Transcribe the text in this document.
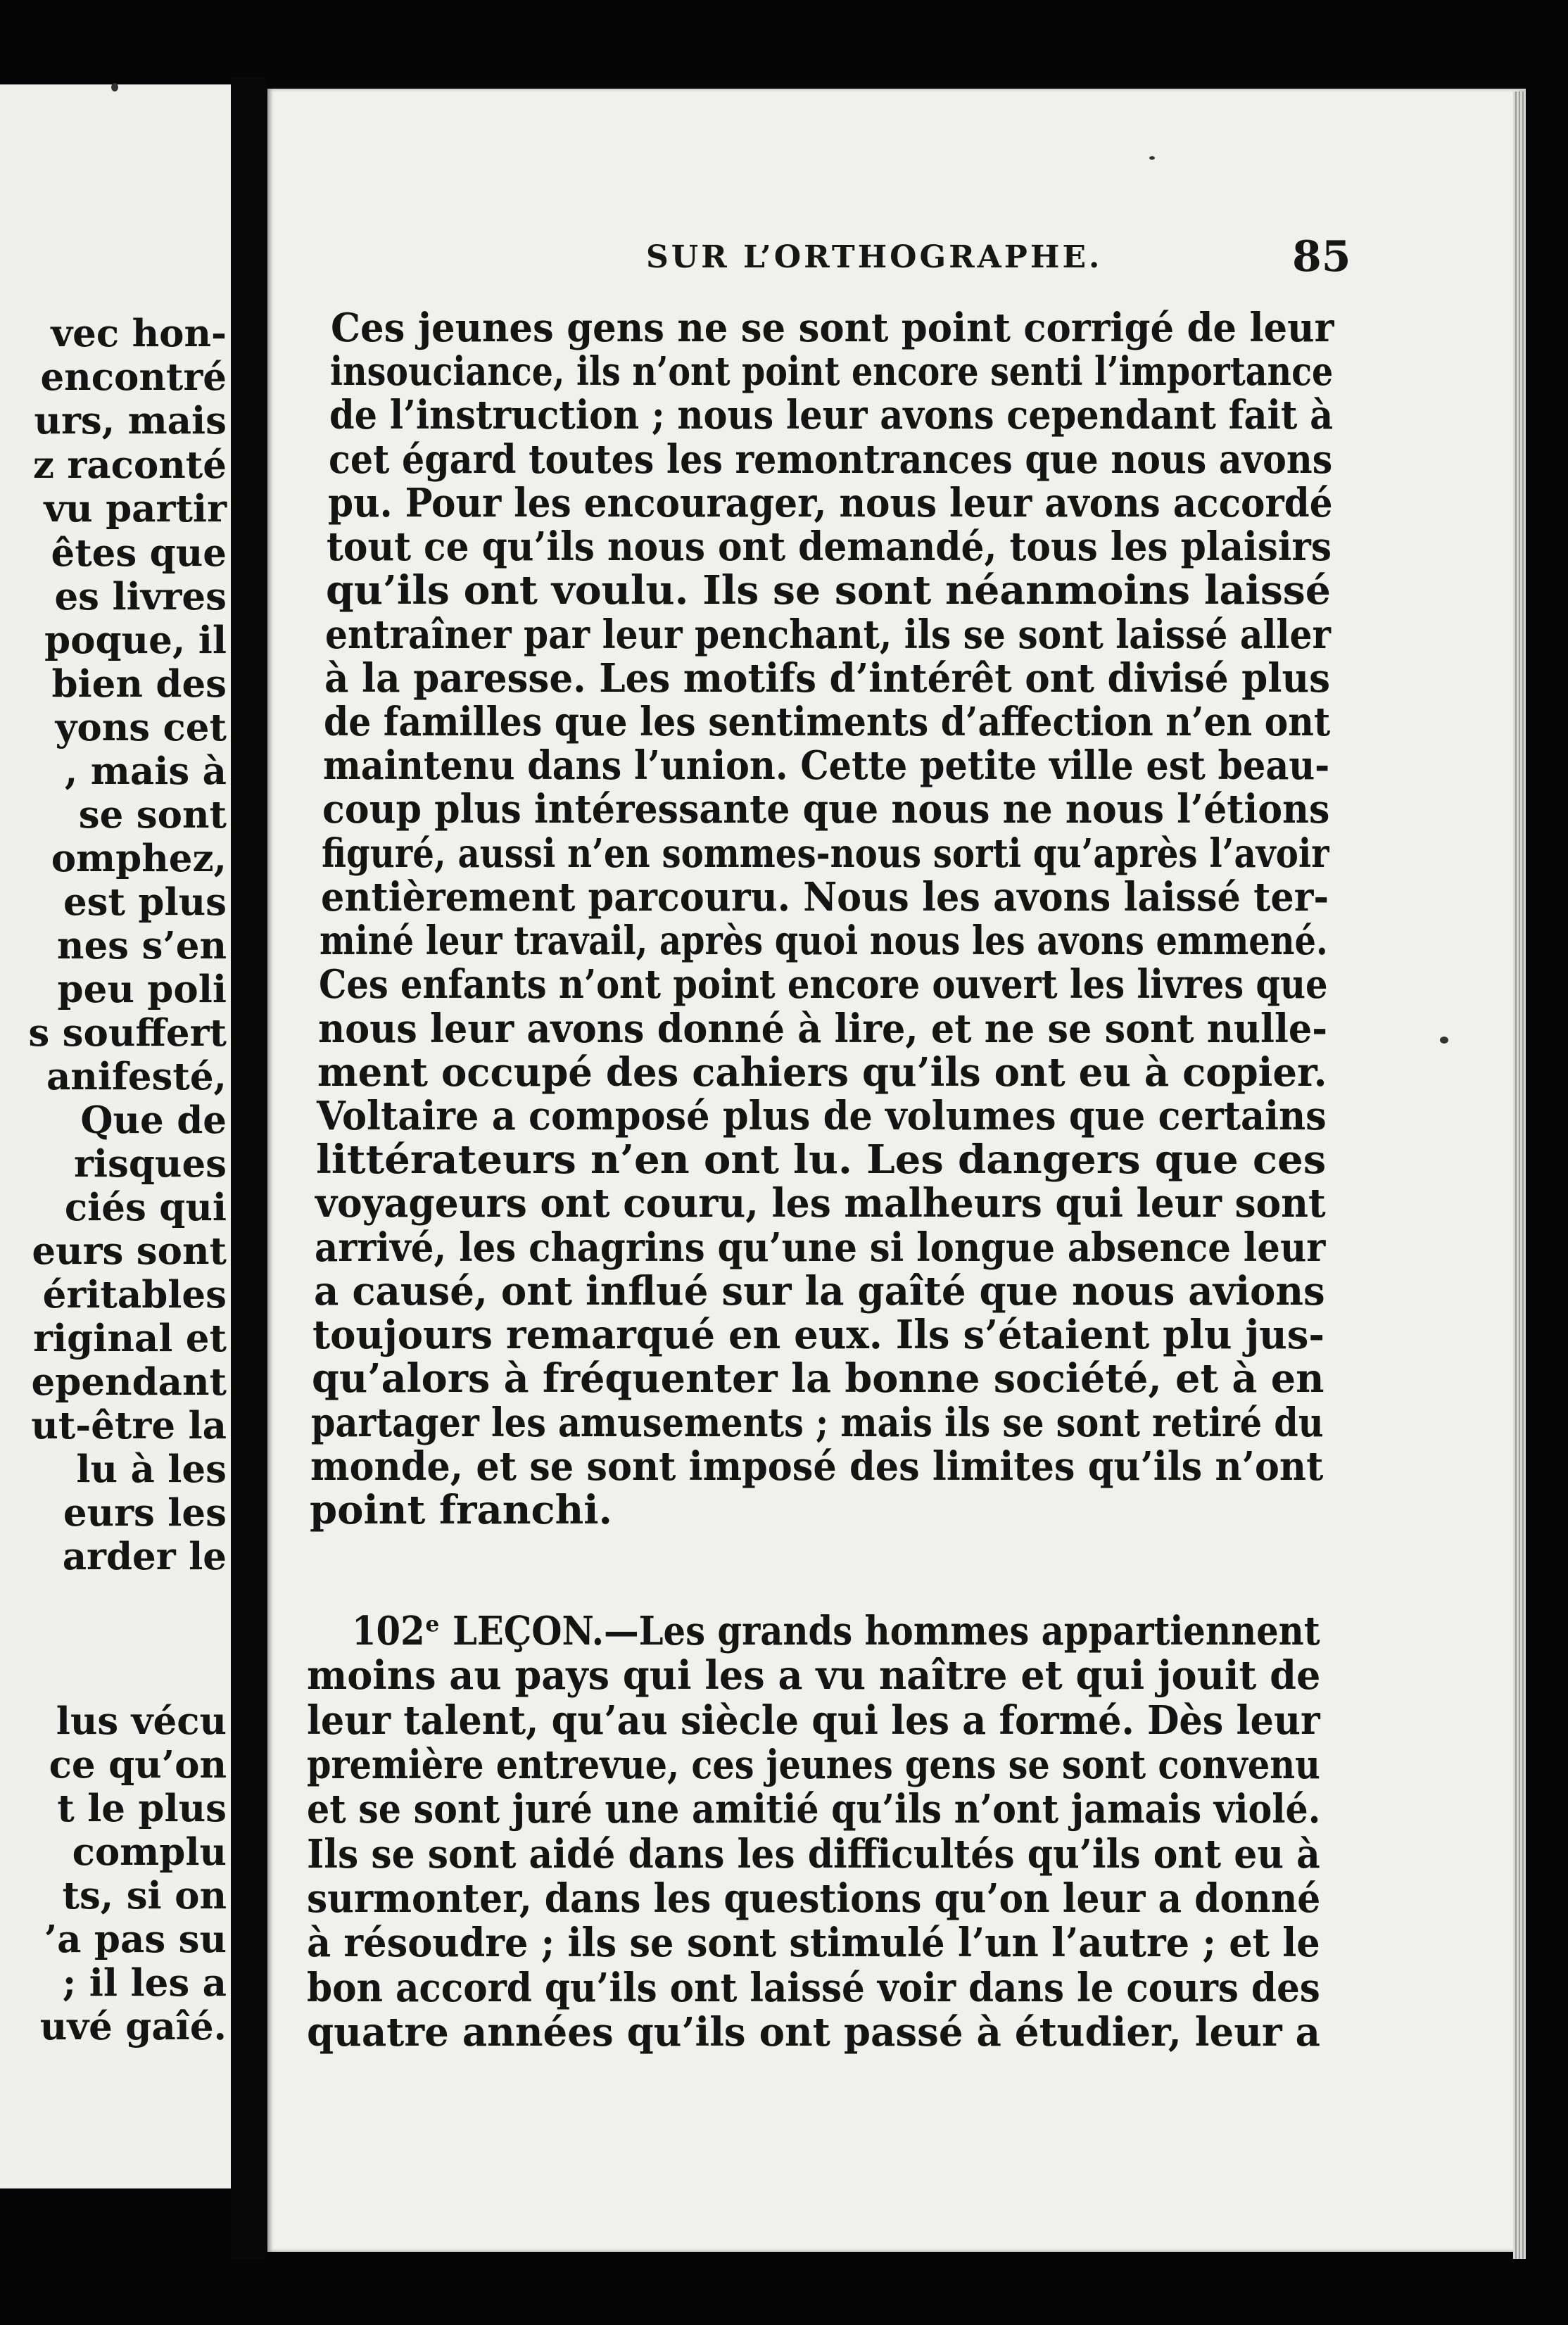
vec hon-
encontré
urs, mais
z raconté
vu partir
êtes que
es livres
poque, il
bien des
yons cet
, mais à
se sont
omphez,
est plus
nes s’en
peu poli
s souffert
anifesté,
Que de
risques
ciés qui
eurs sont
éritables
riginal et
ependant
ut-être la
lu à les
eurs les
arder le
lus vécu
ce qu’on
t le plus
complu
ts, si on
’a pas su
; il les a
uvé gaîé.
SUR L’ORTHOGRAPHE.	85
Ces jeunes gens ne se sont point corrigé de leur
insouciance, ils n’ont point encore senti l’importance
de l’instruction ; nous leur avons cependant fait à
cet égard toutes les remontrances que nous avons
pu. Pour les encourager, nous leur avons accordé
tout ce qu’ils nous ont demandé, tous les plaisirs
qu’ils ont voulu. Ils se sont néanmoins laissé
entraîner par leur penchant, ils se sont laissé aller
à la paresse. Les motifs d’intérêt ont divisé plus
de familles que les sentiments d’affection n’en ont
maintenu dans l’union. Cette petite ville est beau-
coup plus intéressante que nous ne nous l’étions
figuré, aussi n’en sommes-nous sorti qu’après l’avoir
entièrement parcouru. Nous les avons laissé ter-
miné leur travail, après quoi nous les avons emmené.
Ces enfants n’ont point encore ouvert les livres que
nous leur avons donné à lire, et ne se sont nulle-
ment occupé des cahiers qu’ils ont eu à copier.
Voltaire a composé plus de volumes que certains
littérateurs n’en ont lu. Les dangers que ces
voyageurs ont couru, les malheurs qui leur sont
arrivé, les chagrins qu’une si longue absence leur
a causé, ont influé sur la gaîté que nous avions
toujours remarqué en eux. Ils s’étaient plu jus-
qu’alors à fréquenter la bonne société, et à en
partager les amusements ; mais ils se sont retiré du
monde, et se sont imposé des limites qu’ils n’ont
point franchi.
102ᵉ LEÇON.—Les grands hommes appartiennent
moins au pays qui les a vu naître et qui jouit de
leur talent, qu’au siècle qui les a formé. Dès leur
première entrevue, ces jeunes gens se sont convenu
et se sont juré une amitié qu’ils n’ont jamais violé.
Ils se sont aidé dans les difficultés qu’ils ont eu à
surmonter, dans les questions qu’on leur a donné
à résoudre ; ils se sont stimulé l’un l’autre ; et le
bon accord qu’ils ont laissé voir dans le cours des
quatre années qu’ils ont passé à étudier, leur a
